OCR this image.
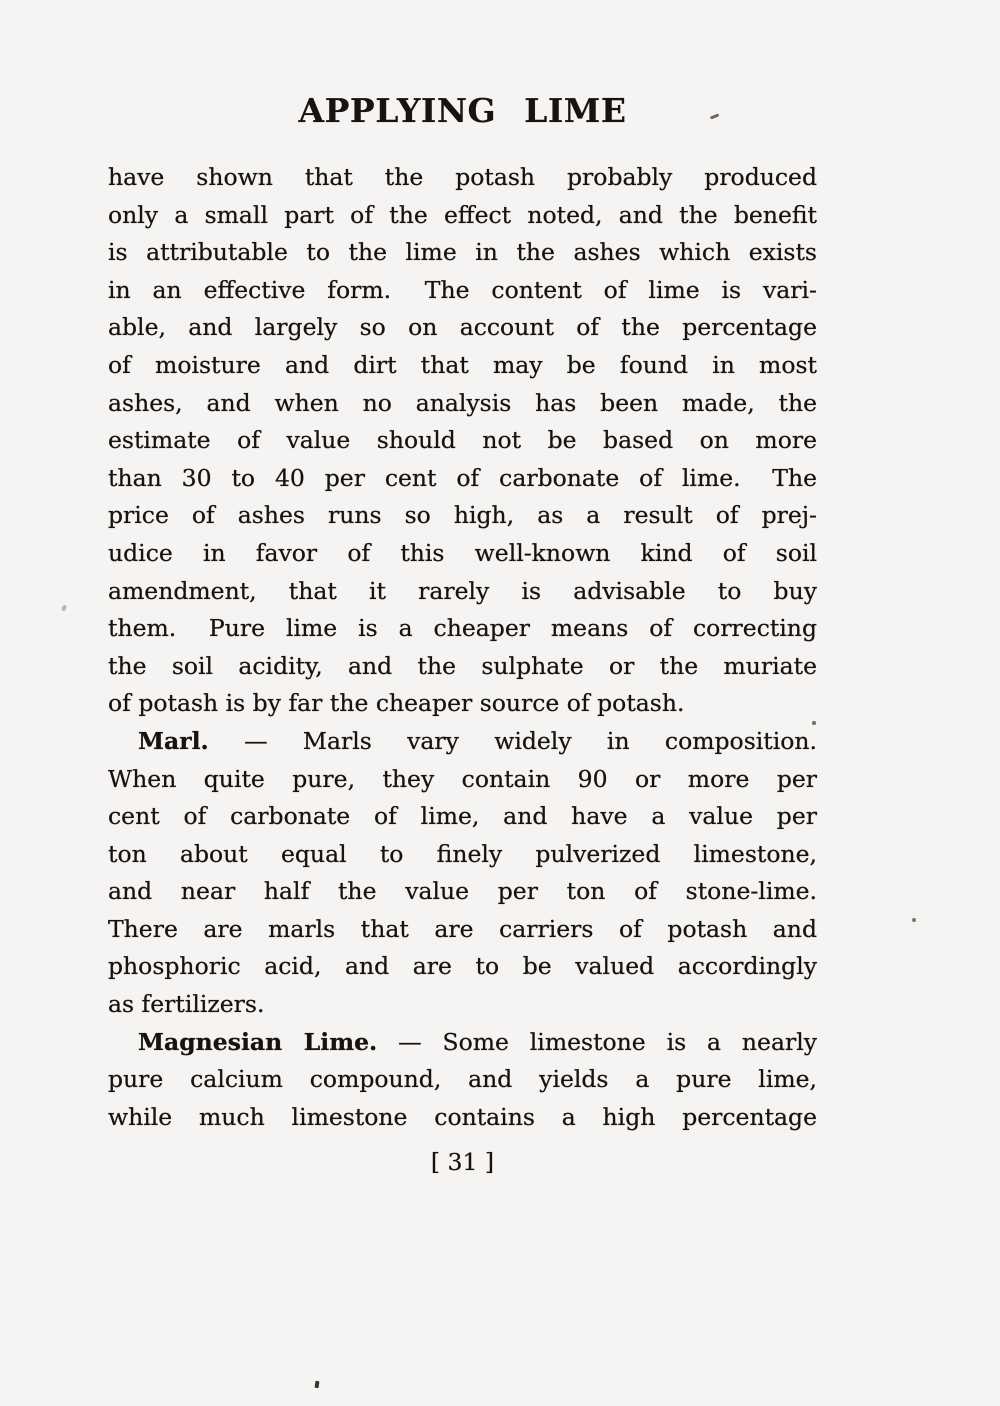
APPLYING LIME
have shown that the potash probably produced
only a small part of the effect noted, and the benefit
is attributable to the lime in the ashes which exists
in an effective form.  The content of lime is vari-
able, and largely so on account of the percentage
of moisture and dirt that may be found in most
ashes, and when no analysis has been made, the
estimate of value should not be based on more
than 30 to 40 per cent of carbonate of lime.  The
price of ashes runs so high, as a result of prej-
udice in favor of this well-known kind of soil
amendment, that it rarely is advisable to buy
them.  Pure lime is a cheaper means of correcting
the soil acidity, and the sulphate or the muriate
of potash is by far the cheaper source of potash.
Marl. — Marls vary widely in composition.
When quite pure, they contain 90 or more per
cent of carbonate of lime, and have a value per
ton about equal to finely pulverized limestone,
and near half the value per ton of stone-lime.
There are marls that are carriers of potash and
phosphoric acid, and are to be valued accordingly
as fertilizers.
Magnesian Lime. — Some limestone is a nearly
pure calcium compound, and yields a pure lime,
while much limestone contains a high percentage
[ 31 ]
